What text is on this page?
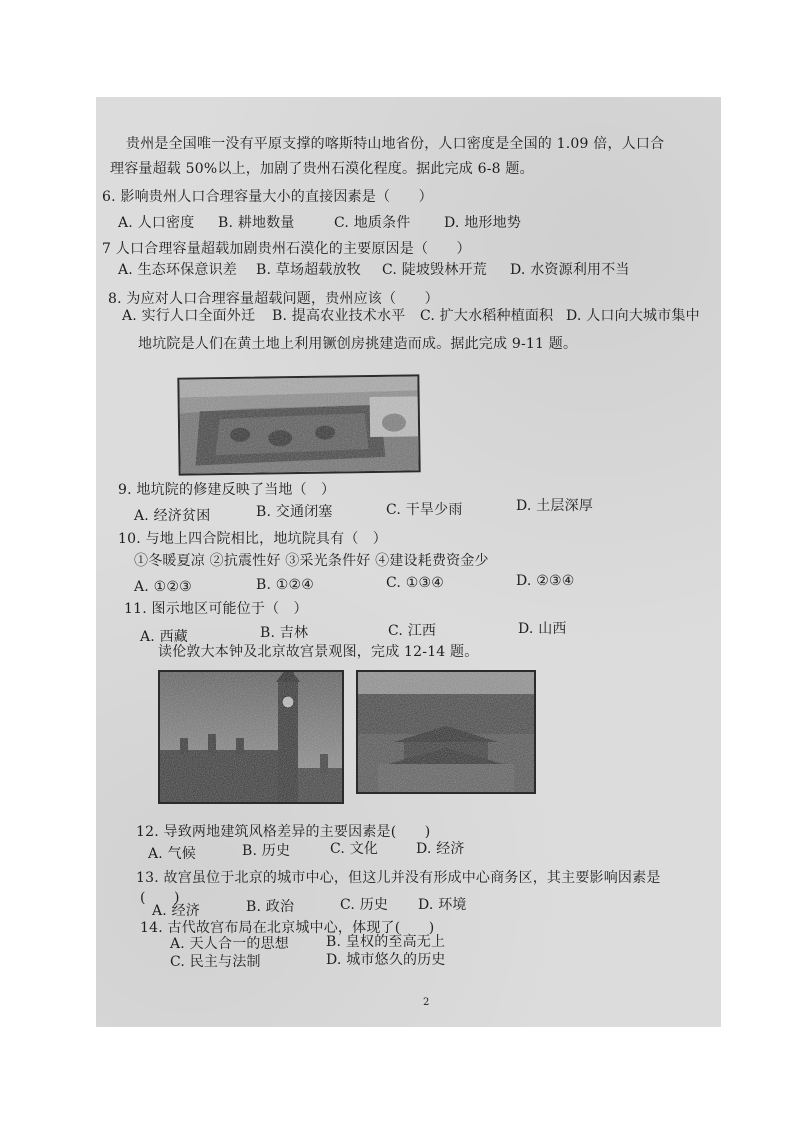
贵州是全国唯一没有平原支撑的喀斯特山地省份，人口密度是全国的 1.09 倍，人口合
理容量超载 50%以上，加剧了贵州石漠化程度。据此完成 6-8 题。
6. 影响贵州人口合理容量大小的直接因素是（　　）
A. 人口密度 B. 耕地数量	C. 地质条件 D. 地形地势
7 人口合理容量超载加剧贵州石漠化的主要原因是（　　）
A. 生态环保意识差 B. 草场超载放牧 C. 陡坡毁林开荒 D. 水资源利用不当
8. 为应对人口合理容量超载问题，贵州应该（　　）
A. 实行人口全面外迁 B. 提高农业技术水平 C. 扩大水稻种植面积 D. 人口向大城市集中
地坑院是人们在黄土地上利用镢创房挑建造而成。据此完成 9-11 题。
9. 地坑院的修建反映了当地（　）
A. 经济贫困	B. 交通闭塞	C. 干旱少雨	D. 土层深厚
10. 与地上四合院相比，地坑院具有（　）
①冬暖夏凉 ②抗震性好 ③采光条件好 ④建设耗费资金少
A. ①②③	B. ①②④	C. ①③④	D. ②③④
11. 图示地区可能位于（　）
A. 西藏	B. 吉林	C. 江西	D. 山西
读伦敦大本钟及北京故宫景观图，完成 12-14 题。
12. 导致两地建筑风格差异的主要因素是(　　)
A. 气候	B. 历史	C. 文化	D. 经济
13. 故宫虽位于北京的城市中心，但这儿并没有形成中心商务区，其主要影响因素是
(　　)
A. 经济	B. 政治	C. 历史 D. 环境
14. 古代故宫布局在北京城中心，体现了(　　)
A. 天人合一的思想	B. 皇权的至高无上
C. 民主与法制	D. 城市悠久的历史
2
